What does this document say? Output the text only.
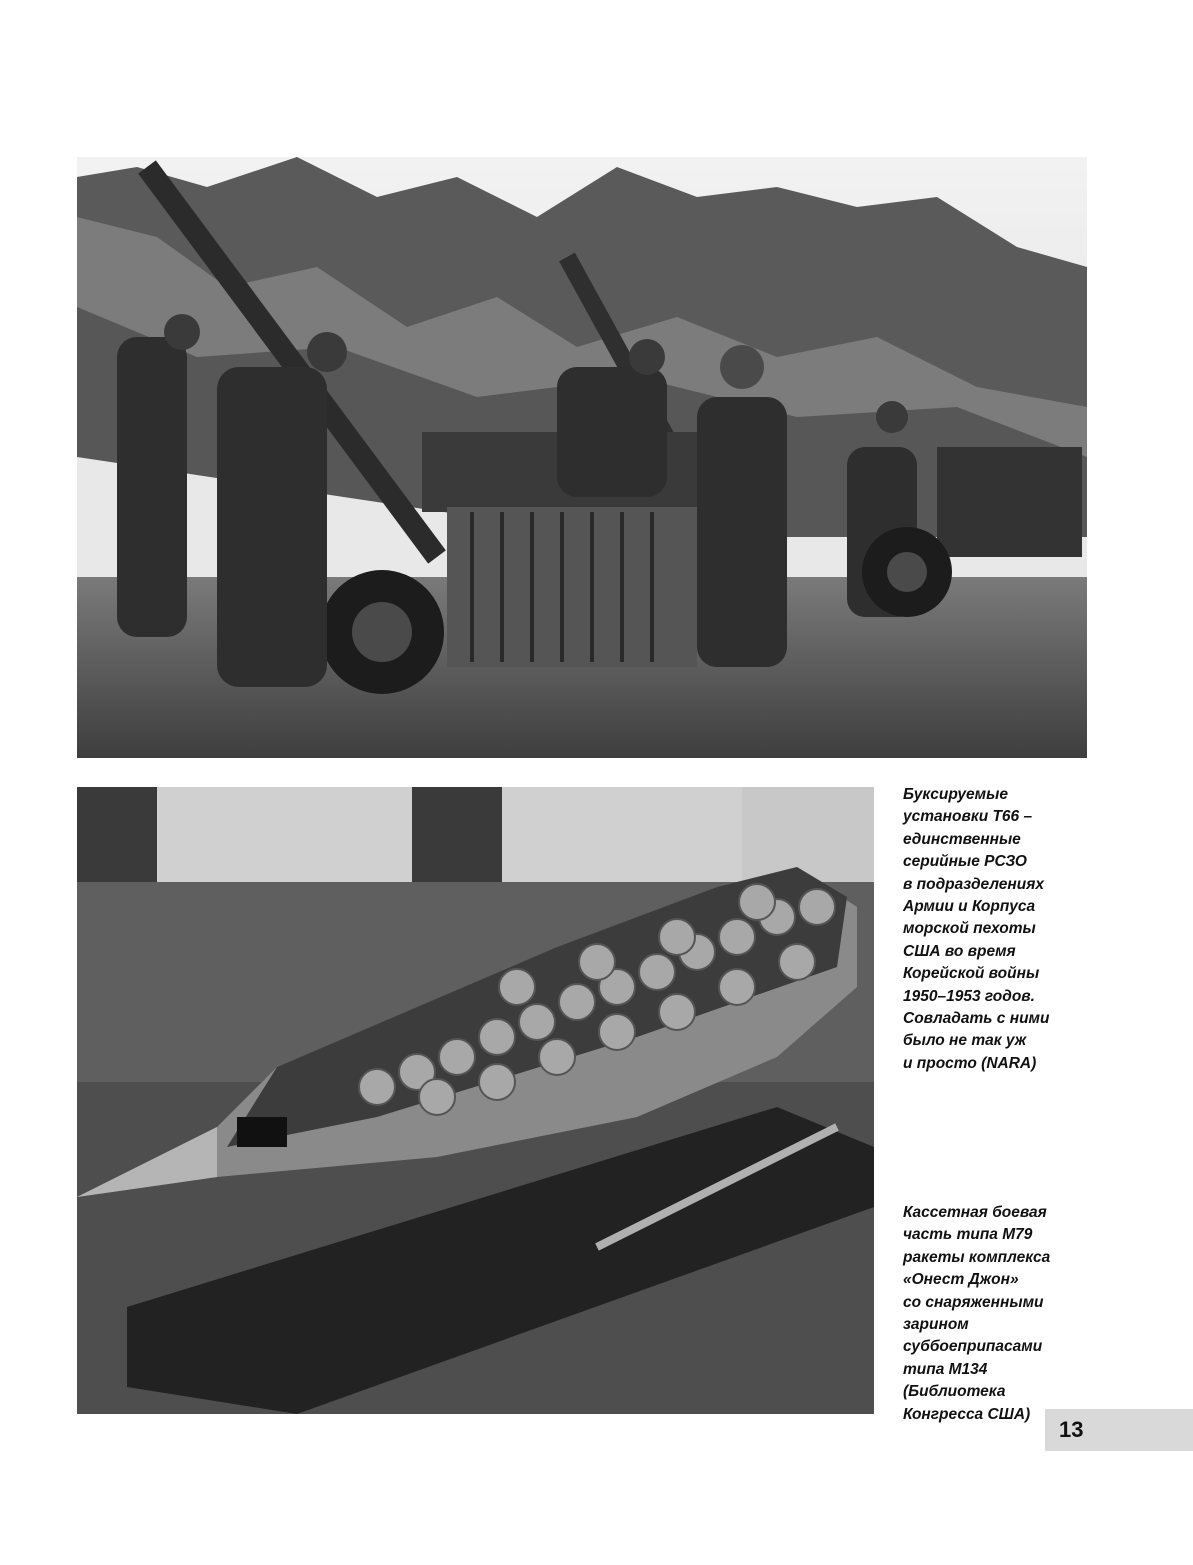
Буксируемые
установки Т66 –
единственные
серийные РСЗО
в подразделениях
Армии и Корпуса
морской пехоты
США во время
Корейской войны
1950–1953 годов.
Совладать с ними
было не так уж
и просто (NARA)

Кассетная боевая
часть типа М79
ракеты комплекса
«Онест Джон»
со снаряженными
зарином
суббоеприпасами
типа М134
(Библиотека
Конгресса США)

13
